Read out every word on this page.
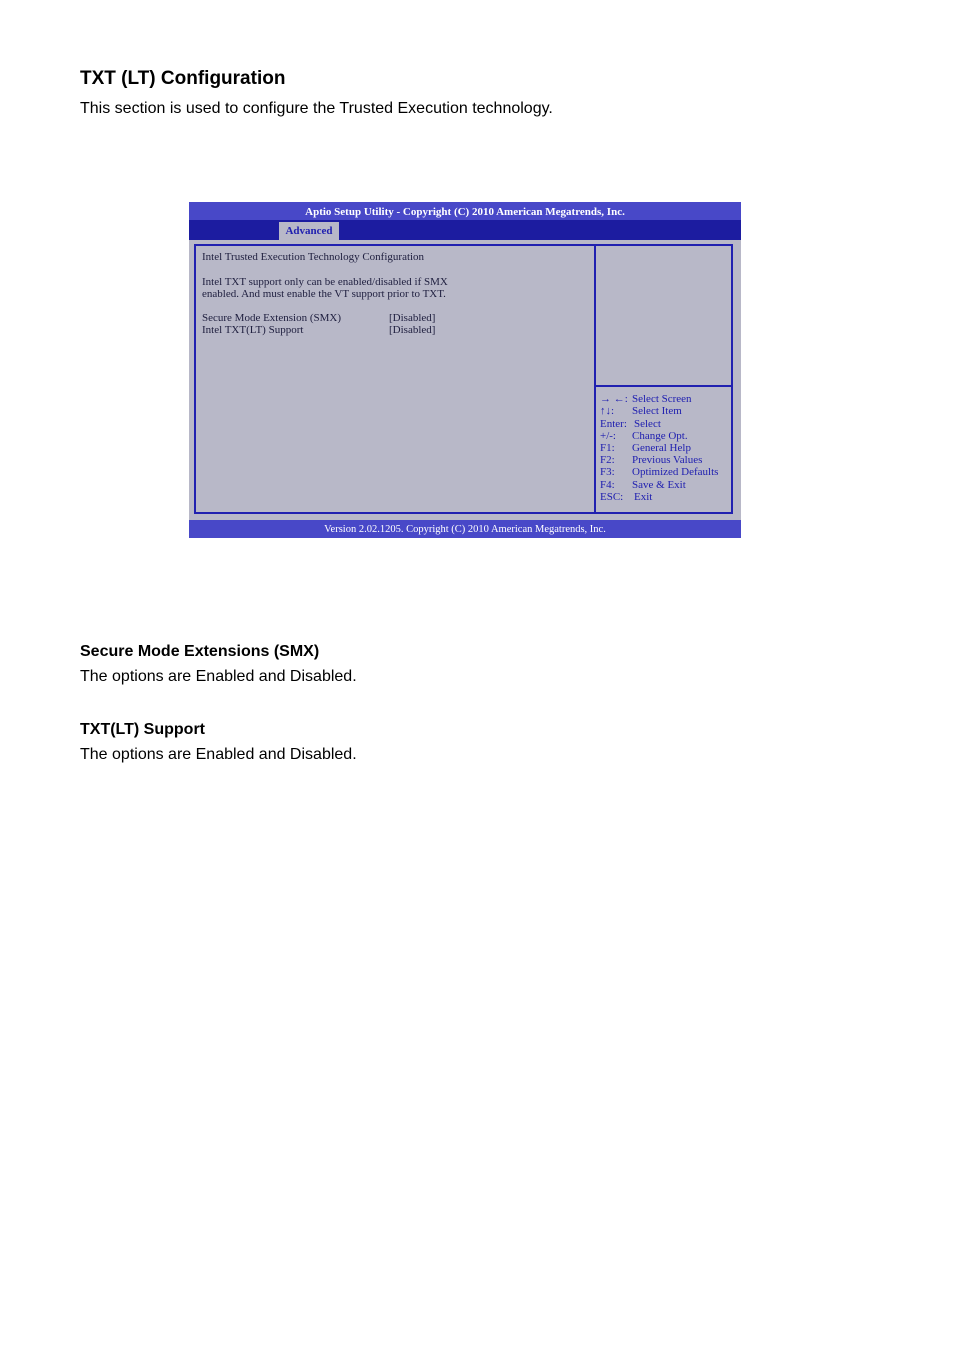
TXT (LT) Configuration

This section is used to configure the Trusted Execution technology.

Aptio Setup Utility - Copyright (C) 2010 American Megatrends, Inc.
Advanced
Intel Trusted Execution Technology Configuration
Intel TXT support only can be enabled/disabled if SMX
enabled. And must enable the VT support prior to TXT.
Secure Mode Extension (SMX)	[Disabled]
Intel TXT(LT) Support	[Disabled]
→ ←: Select Screen
↑↓: Select Item
Enter: Select
+/-: Change Opt.
F1: General Help
F2: Previous Values
F3: Optimized Defaults
F4: Save & Exit
ESC: Exit
Version 2.02.1205. Copyright (C) 2010 American Megatrends, Inc.
Secure Mode Extensions (SMX)

The options are Enabled and Disabled.

TXT(LT) Support

The options are Enabled and Disabled.
